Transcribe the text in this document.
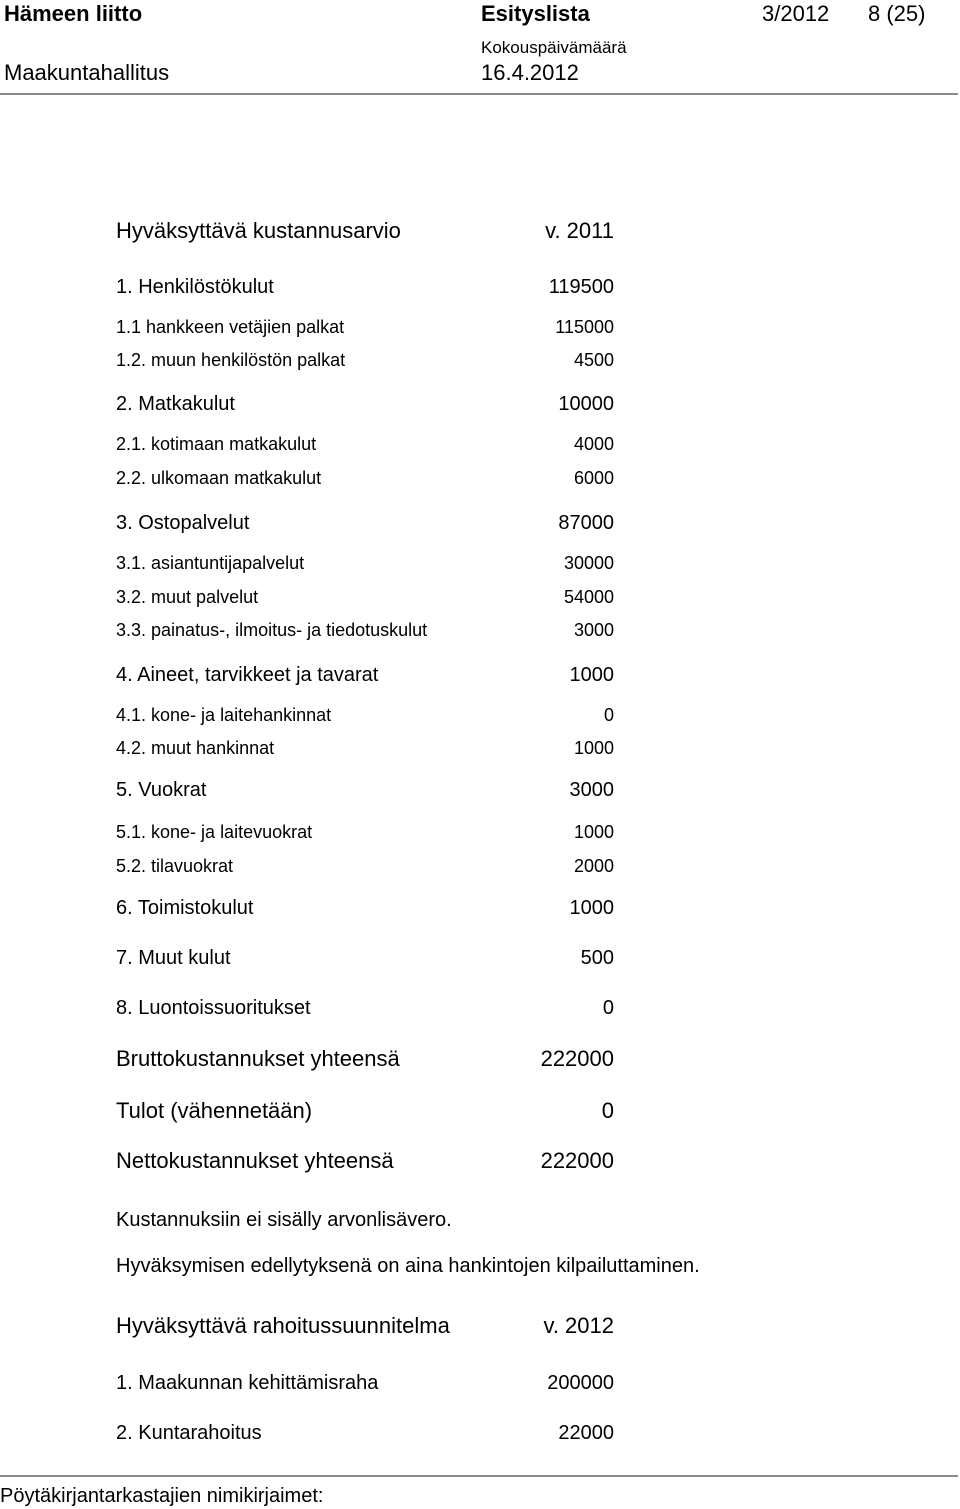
Hämeen liitto	Esityslista	3/2012 8 (25)
Kokouspäivämäärä
Maakuntahallitus	16.4.2012
Hyväksyttävä kustannusarvio	v. 2011
1. Henkilöstökulut	119500
1.1 hankkeen vetäjien palkat	115000
1.2. muun henkilöstön palkat	4500
2. Matkakulut	10000
2.1. kotimaan matkakulut	4000
2.2. ulkomaan matkakulut	6000
3. Ostopalvelut	87000
3.1. asiantuntijapalvelut	30000
3.2. muut palvelut	54000
3.3. painatus-, ilmoitus- ja tiedotuskulut	3000
4. Aineet, tarvikkeet ja tavarat	1000
4.1. kone- ja laitehankinnat	0
4.2. muut hankinnat	1000
5. Vuokrat	3000
5.1. kone- ja laitevuokrat	1000
5.2. tilavuokrat	2000
6. Toimistokulut	1000
7. Muut kulut	500
8. Luontoissuoritukset	0
Bruttokustannukset yhteensä	222000
Tulot (vähennetään)	0
Nettokustannukset yhteensä	222000
Kustannuksiin ei sisälly arvonlisävero.
Hyväksymisen edellytyksenä on aina hankintojen kilpailuttaminen.
Hyväksyttävä rahoitussuunnitelma	v. 2012
1. Maakunnan kehittämisraha	200000
2. Kuntarahoitus	22000
Pöytäkirjantarkastajien nimikirjaimet:
